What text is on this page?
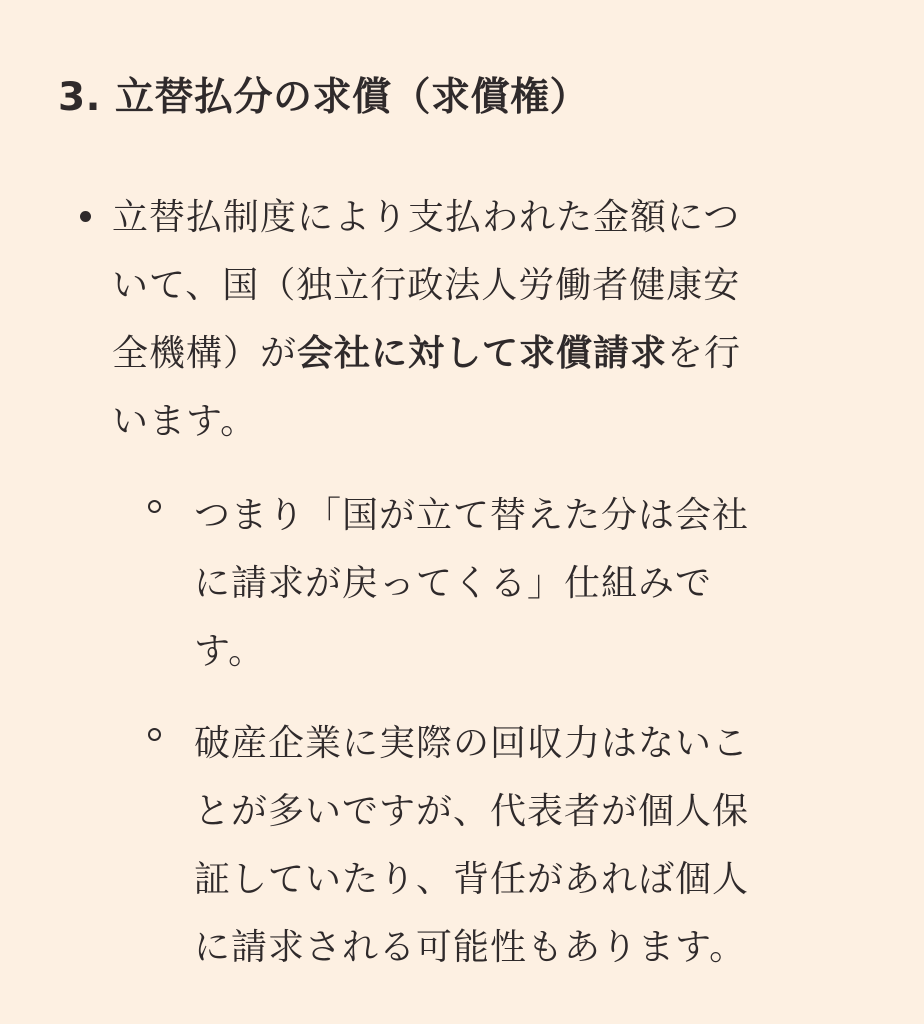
3. 立替払分の求償（求償権）

立替払制度により支払われた金額につ
いて、国（独立行政法人労働者健康安
全機構）が会社に対して求償請求を行
います。

つまり「国が立て替えた分は会社
に請求が戻ってくる」仕組みで
す。

破産企業に実際の回収力はないこ
とが多いですが、代表者が個人保
証していたり、背任があれば個人
に請求される可能性もあります。
